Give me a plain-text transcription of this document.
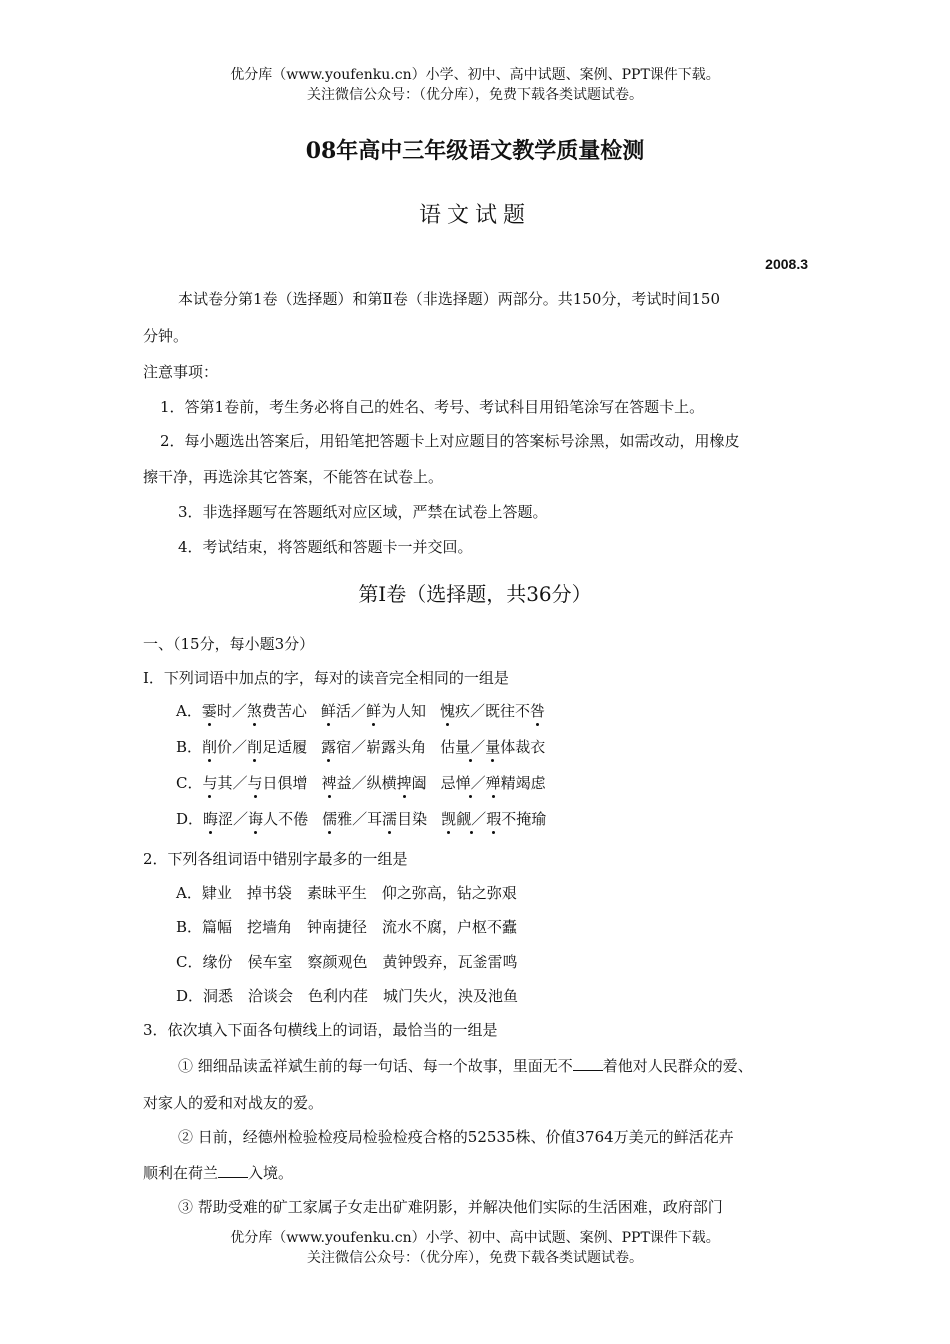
优分库（www.youfenku.cn）小学、初中、高中试题、案例、PPT课件下载。
关注微信公众号：（优分库），免费下载各类试题试卷。
08年高中三年级语文教学质量检测
语文试题
2008.3
本试卷分第1卷（选择题）和第Ⅱ卷（非选择题）两部分。共150分，考试时间150
分钟。
注意事项：
1．答第1卷前，考生务必将自己的姓名、考号、考试科目用铅笔涂写在答题卡上。
2．每小题选出答案后，用铅笔把答题卡上对应题目的答案标号涂黑，如需改动，用橡皮
擦干净，再选涂其它答案，不能答在试卷上。
3．非选择题写在答题纸对应区域，严禁在试卷上答题。
4．考试结束，将答题纸和答题卡一并交回。
第Ⅰ卷（选择题，共36分）
一、（15分，每小题3分）
I．下列词语中加点的字，每对的读音完全相同的一组是
A．霎时／煞费苦心 鲜活／鲜为人知 愧疚／既往不咎
B．削价／削足适履 露宿／崭露头角 估量／量体裁衣
C．与其／与日俱增 裨益／纵横捭阖 忌惮／殚精竭虑
D．晦涩／诲人不倦 儒雅／耳濡目染 觊觎／瑕不掩瑜
2．下列各组词语中错别字最多的一组是
A．肄业　掉书袋　素昧平生　仰之弥高，钻之弥艰
B．篇幅　挖墙角　钟南捷径　流水不腐，户枢不蠹
C．缘份　侯车室　察颜观色　黄钟毁弃，瓦釜雷鸣
D．洞悉　洽谈会　色利内荏　城门失火，泱及池鱼
3．依次填入下面各句横线上的词语，最恰当的一组是
① 细细品读孟祥斌生前的每一句话、每一个故事，里面无不 着他对人民群众的爱、
对家人的爱和对战友的爱。
② 日前，经德州检验检疫局检验检疫合格的52535株、价值3764万美元的鲜活花卉
顺利在荷兰 入境。
③ 帮助受难的矿工家属子女走出矿难阴影，并解决他们实际的生活困难，政府部门
优分库（www.youfenku.cn）小学、初中、高中试题、案例、PPT课件下载。
关注微信公众号：（优分库），免费下载各类试题试卷。
